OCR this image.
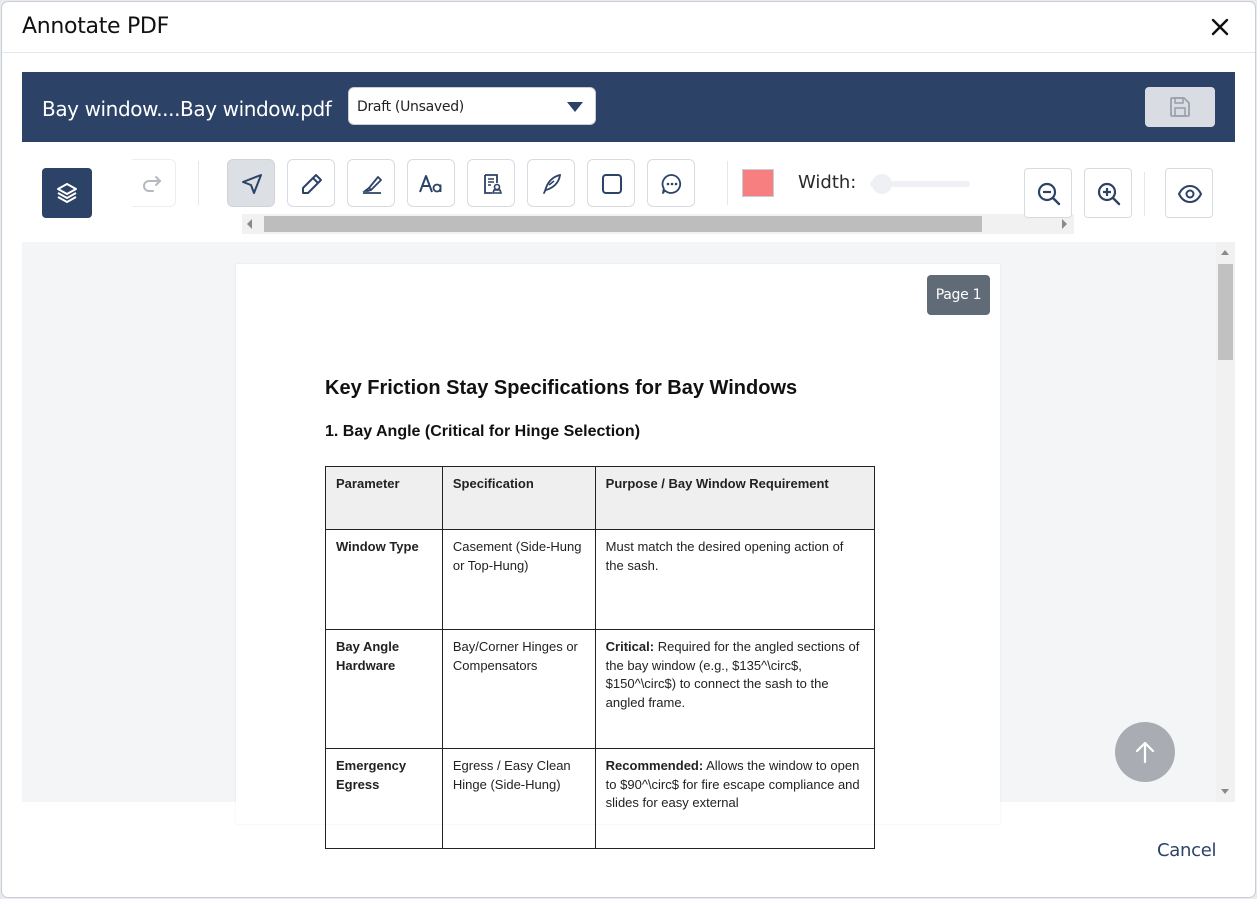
Annotate PDF
Bay window....Bay window.pdf Draft (Unsaved)
Width:
Page 1
Key Friction Stay Specifications for Bay Windows
1. Bay Angle (Critical for Hinge Selection)
Parameter	Specification	Purpose / Bay Window Requirement
Window Type	Casement (Side-Hung or Top-Hung)	Must match the desired opening action of the sash.
Bay Angle Hardware	Bay/Corner Hinges or Compensators	Critical: Required for the angled sections of the bay window (e.g., $135^\circ$, $150^\circ$) to connect the sash to the angled frame.
Emergency Egress	Egress / Easy Clean Hinge (Side-Hung)	Recommended: Allows the window to open to $90^\circ$ for fire escape compliance and slides for easy external
Cancel
